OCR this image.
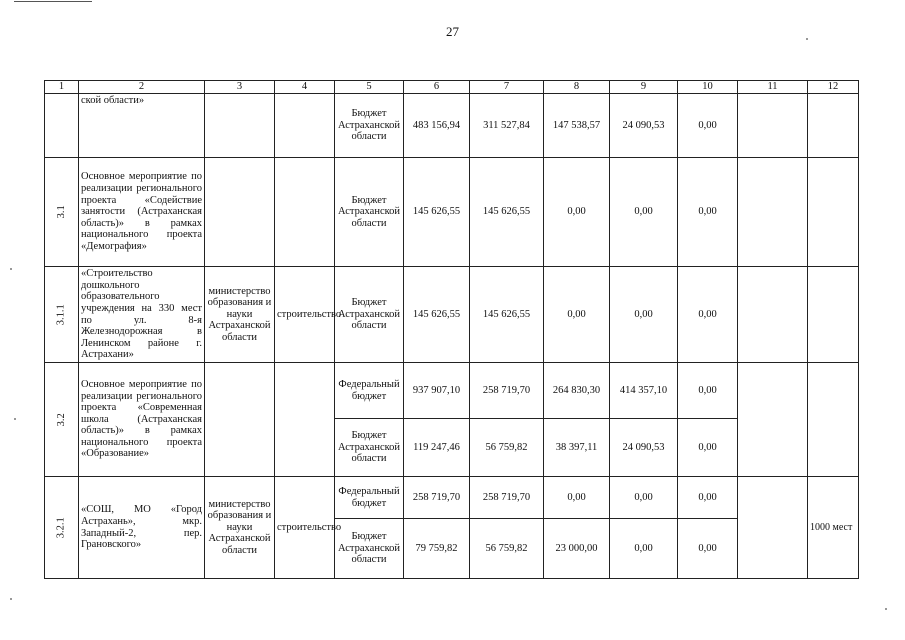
27
1	2	3	4	5	6	7	8	9	10	11	12
	ской области»			Бюджет Астраханской области	483 156,94	311 527,84	147 538,57	24 090,53	0,00		

3.1	Основное мероприятие по реализации регионального проекта «Содействие занятости (Астраханская область)» в рамках национального проекта «Демография»			Бюджет Астраханской области	145 626,55	145 626,55	0,00	0,00	0,00		

3.1.1	«Строительство дошкольного образовательного учреждения на 330 мест по ул. 8-я Железнодорожная в Ленинском районе г. Астрахани»	министерство образования и науки Астраханской области	строительство	Бюджет Астраханской области	145 626,55	145 626,55	0,00	0,00	0,00		

3.2	Основное мероприятие по реализации регионального проекта «Современная школа (Астраханская область)» в рамках национального проекта «Образование»			Федеральный бюджет	937 907,10	258 719,70	264 830,30	414 357,10	0,00		
				Бюджет Астраханской области	119 247,46	56 759,82	38 397,11	24 090,53	0,00		

3.2.1	«СОШ, МО «Город Астрахань», мкр. Западный-2, пер. Грановского»	министерство образования и науки Астраханской области	строительство	Федеральный бюджет	258 719,70	258 719,70	0,00	0,00	0,00		1000 мест

				Бюджет Астраханской области	79 759,82	56 759,82	23 000,00	0,00	0,00		
